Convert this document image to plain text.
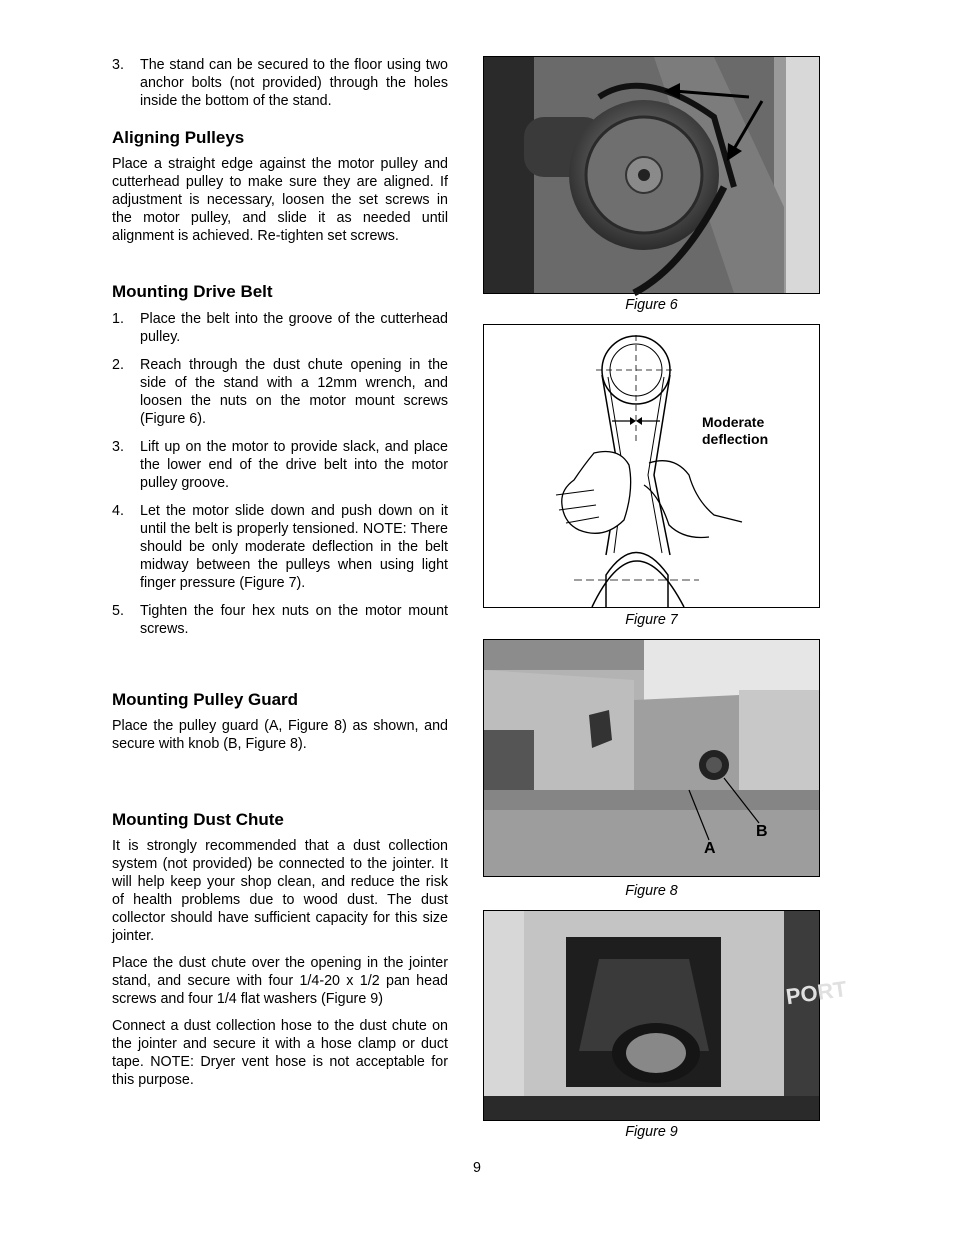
3. The stand can be secured to the floor using two anchor bolts (not provided) through the holes inside the bottom of the stand.
Aligning Pulleys

Place a straight edge against the motor pulley and cutterhead pulley to make sure they are aligned. If adjustment is necessary, loosen the set screws in the motor pulley, and slide it as needed until alignment is achieved. Re-tighten set screws.

Mounting Drive Belt
1. Place the belt into the groove of the cutterhead pulley.
2. Reach through the dust chute opening in the side of the stand with a 12mm wrench, and loosen the nuts on the motor mount screws (Figure 6).
3. Lift up on the motor to provide slack, and place the lower end of the drive belt into the motor pulley groove.
4. Let the motor slide down and push down on it until the belt is properly tensioned. NOTE: There should be only moderate deflection in the belt midway between the pulleys when using light finger pressure (Figure 7).
5. Tighten the four hex nuts on the motor mount screws.
Mounting Pulley Guard

Place the pulley guard (A, Figure 8) as shown, and secure with knob (B, Figure 8).

Mounting Dust Chute

It is strongly recommended that a dust collection system (not provided) be connected to the jointer. It will help keep your shop clean, and reduce the risk of health problems due to wood dust. The dust collector should have sufficient capacity for this size jointer.

Place the dust chute over the opening in the jointer stand, and secure with four 1/4-20 x 1/2 pan head screws and four 1/4 flat washers (Figure 9)

Connect a dust collection hose to the dust chute on the jointer and secure it with a hose clamp or duct tape. NOTE: Dryer vent hose is not acceptable for this purpose.

Figure 6
Moderate
deflection
Figure 7
A
B
Figure 8
PORT
Figure 9
9
